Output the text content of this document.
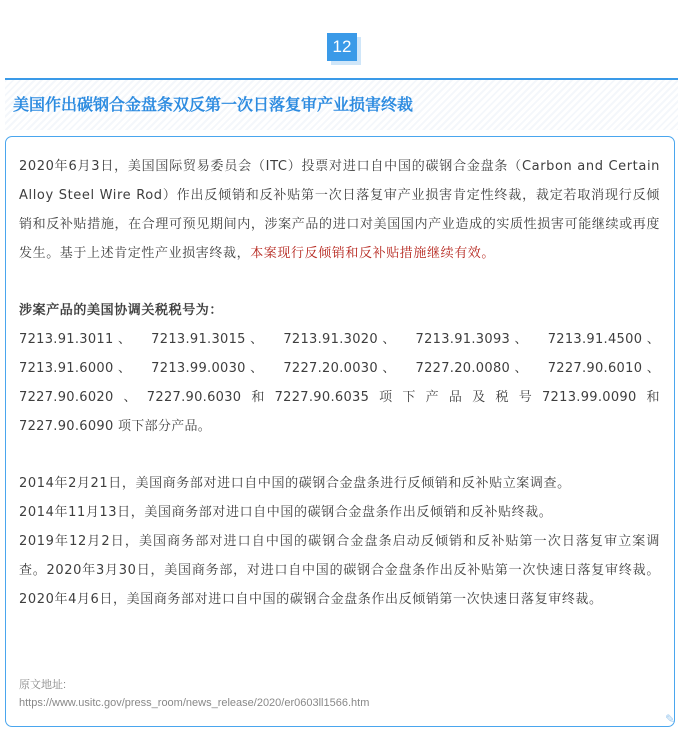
12
美国作出碳钢合金盘条双反第一次日落复审产业损害终裁

2020年6月3日，美国国际贸易委员会（ITC）投票对进口自中国的碳钢合金盘条（Carbon and Certain Alloy Steel Wire Rod）作出反倾销和反补贴第一次日落复审产业损害肯定性终裁，裁定若取消现行反倾销和反补贴措施，在合理可预见期间内，涉案产品的进口对美国国内产业造成的实质性损害可能继续或再度发生。基于上述肯定性产业损害终裁，本案现行反倾销和反补贴措施继续有效。

涉案产品的美国协调关税税号为：

7213.91.3011 、 7213.91.3015 、 7213.91.3020 、 7213.91.3093 、 7213.91.4500 、
7213.91.6000 、 7213.99.0030 、 7227.20.0030 、 7227.20.0080 、 7227.90.6010 、
7227.90.6020 、 7227.90.6030 和 7227.90.6035 项 下 产 品 及 税 号 7213.99.0090 和
7227.90.6090 项下部分产品。

2014年2月21日，美国商务部对进口自中国的碳钢合金盘条进行反倾销和反补贴立案调查。

2014年11月13日，美国商务部对进口自中国的碳钢合金盘条作出反倾销和反补贴终裁。

2019年12月2日，美国商务部对进口自中国的碳钢合金盘条启动反倾销和反补贴第一次日落复审立案调查。2020年3月30日，美国商务部，对进口自中国的碳钢合金盘条作出反补贴第一次快速日落复审终裁。2020年4月6日，美国商务部对进口自中国的碳钢合金盘条作出反倾销第一次快速日落复审终裁。

原文地址:
https://www.usitc.gov/press_room/news_release/2020/er0603ll1566.htm
✎
